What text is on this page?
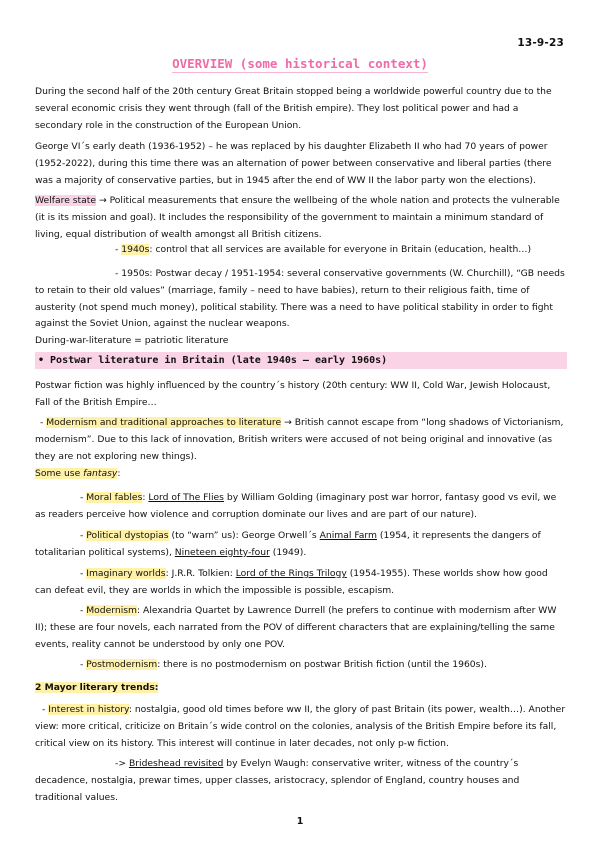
13-9-23
OVERVIEW (some historical context)

During the second half of the 20th century Great Britain stopped being a worldwide powerful country due to the several economic crisis they went through (fall of the British empire). They lost political power and had a secondary role in the construction of the European Union.

George VI´s early death (1936-1952) – he was replaced by his daughter Elizabeth II who had 70 years of power (1952-2022), during this time there was an alternation of power between conservative and liberal parties (there was a majority of conservative parties, but in 1945 after the end of WW II the labor party won the elections).

Welfare state → Political measurements that ensure the wellbeing of the whole nation and protects the vulnerable (it is its mission and goal). It includes the responsibility of the government to maintain a minimum standard of living, equal distribution of wealth amongst all British citizens.

- 1940s: control that all services are available for everyone in Britain (education, health…)

- 1950s: Postwar decay / 1951-1954: several conservative governments (W. Churchill), “GB needs to retain to their old values” (marriage, family – need to have babies), return to their religious faith, time of austerity (not spend much money), political stability. There was a need to have political stability in order to fight against the Soviet Union, against the nuclear weapons.

During-war-literature = patriotic literature

• Postwar literature in Britain (late 1940s – early 1960s)

Postwar fiction was highly influenced by the country´s history (20th century: WW II, Cold War, Jewish Holocaust, Fall of the British Empire…

- Modernism and traditional approaches to literature → British cannot escape from “long shadows of Victorianism, modernism”. Due to this lack of innovation, British writers were accused of not being original and innovative (as they are not exploring new things).

Some use fantasy:

- Moral fables: Lord of The Flies by William Golding (imaginary post war horror, fantasy good vs evil, we as readers perceive how violence and corruption dominate our lives and are part of our nature).

- Political dystopias (to “warn” us): George Orwell´s Animal Farm (1954, it represents the dangers of totalitarian political systems), Nineteen eighty-four (1949).

- Imaginary worlds: J.R.R. Tolkien: Lord of the Rings Trilogy (1954-1955). These worlds show how good can defeat evil, they are worlds in which the impossible is possible, escapism.

- Modernism: Alexandria Quartet by Lawrence Durrell (he prefers to continue with modernism after WW II); these are four novels, each narrated from the POV of different characters that are explaining/telling the same events, reality cannot be understood by only one POV.

- Postmodernism: there is no postmodernism on postwar British fiction (until the 1960s).

2 Mayor literary trends:

- Interest in history: nostalgia, good old times before ww II, the glory of past Britain (its power, wealth…). Another view: more critical, criticize on Britain´s wide control on the colonies, analysis of the British Empire before its fall, critical view on its history. This interest will continue in later decades, not only p-w fiction.

-> Brideshead revisited by Evelyn Waugh: conservative writer, witness of the country´s decadence, nostalgia, prewar times, upper classes, aristocracy, splendor of England, country houses and traditional values.

1
